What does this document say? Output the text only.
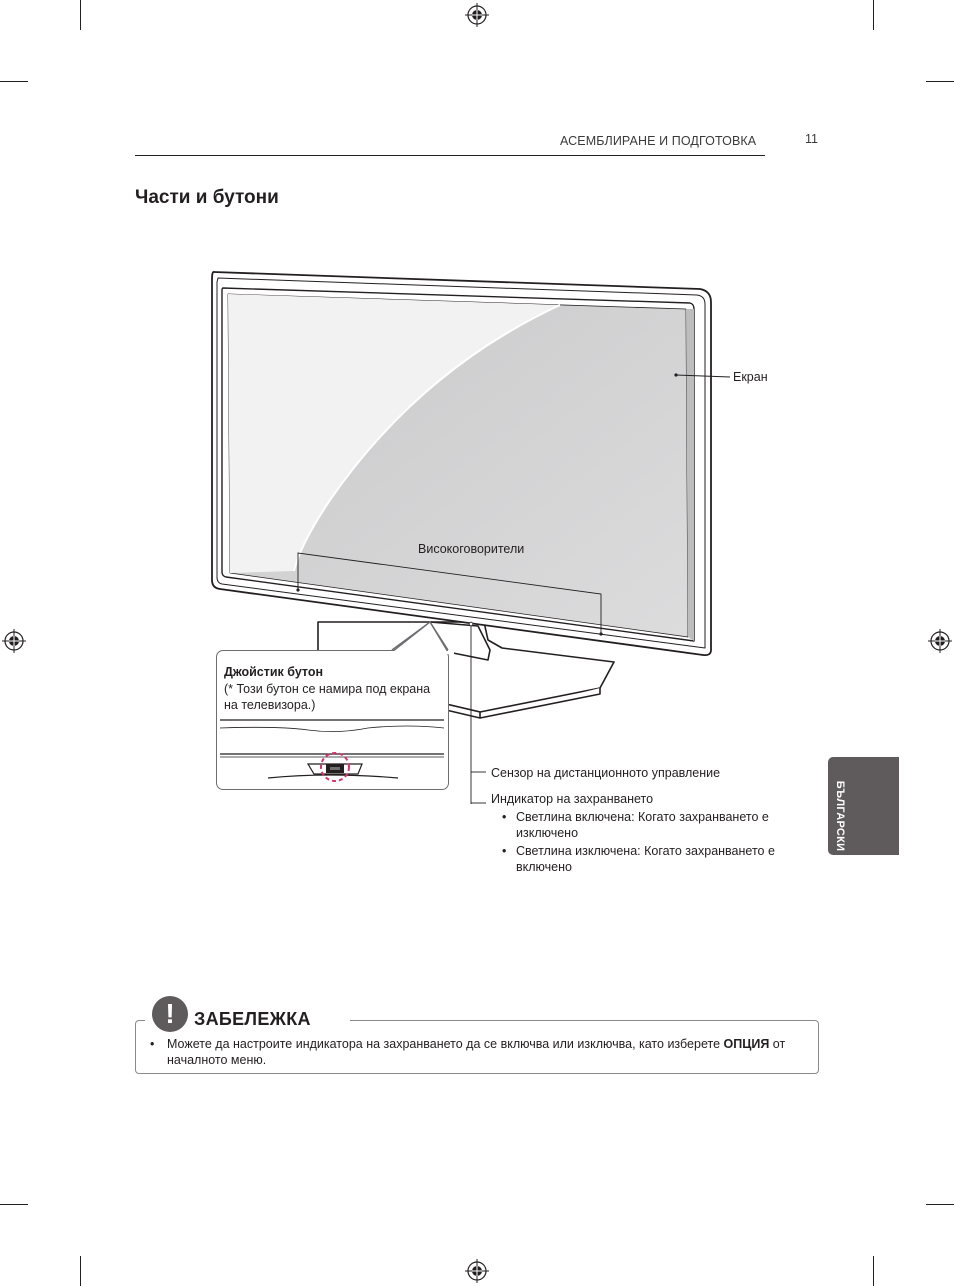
АСЕМБЛИРАНЕ И ПОДГОТОВКА	11
Части и бутони
Екран
Високоговорители
Джойстик бутон
(* Този бутон се намира под екрана
на телевизора.)
Сензор на дистанционното управление
Индикатор на захранването
• Светлина включена: Когато захранването е
изключено
• Светлина изключена: Когато захранването е
включено
БЪЛГАРСКИ
!	ЗАБЕЛЕЖКА
•	Можете да настроите индикатора на захранването да се включва или изключва, като изберете ОПЦИЯ от началното меню.
